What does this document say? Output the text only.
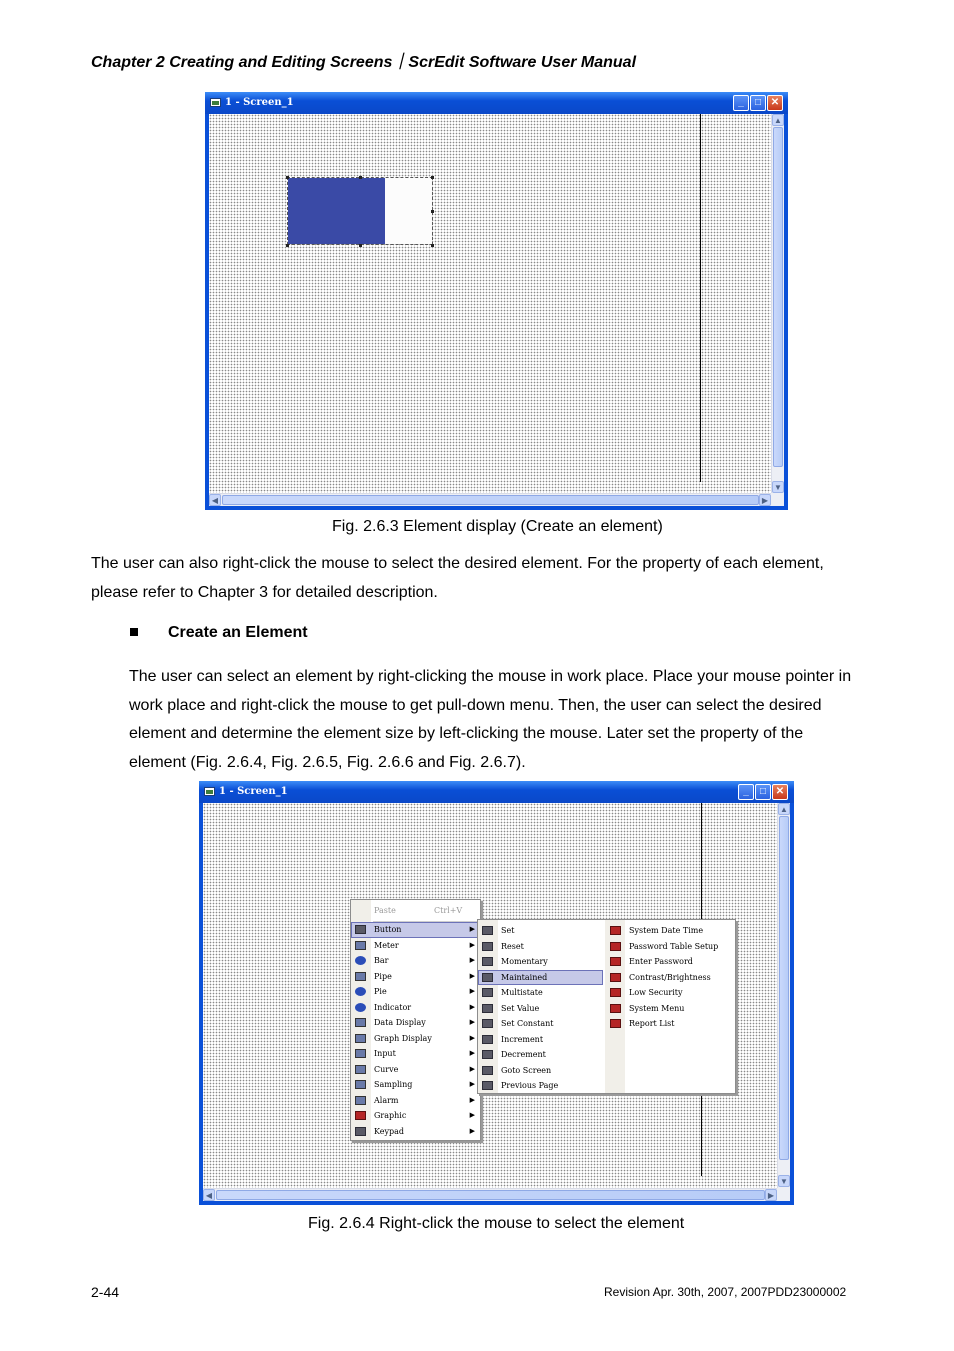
Chapter 2 Creating and Editing Screens｜ScrEdit Software User Manual
1 - Screen_1	_	□ ✕
▲
▼
◀	▶
Fig. 2.6.3 Element display (Create an element)
The user can also right-click the mouse to select the desired element. For the property of each element, please refer to Chapter 3 for detailed description.
Create an Element
The user can select an element by right-clicking the mouse in work place. Place your mouse pointer in work place and right-click the mouse to get pull-down menu. Then, the user can select the desired element and determine the element size by left-clicking the mouse. Later set the property of the element (Fig. 2.6.4, Fig. 2.6.5, Fig. 2.6.6 and Fig. 2.6.7).
1 - Screen_1	_	□ ✕
▲
▼
◀	▶
Paste	Ctrl+V
Button	▶
Meter	▶
Bar	▶
Pipe	▶
Pie	▶
Indicator	▶
Data Display	▶
Graph Display	▶
Input	▶
Curve	▶
Sampling	▶
Alarm	▶
Graphic	▶
Keypad	▶
Set
Reset
Momentary
Maintained
Multistate
Set Value
Set Constant
Increment
Decrement
Goto Screen
Previous Page
System Date Time
Password Table Setup
Enter Password
Contrast/Brightness
Low Security
System Menu
Report List
Fig. 2.6.4 Right-click the mouse to select the element
2-44	Revision Apr. 30th, 2007, 2007PDD23000002
